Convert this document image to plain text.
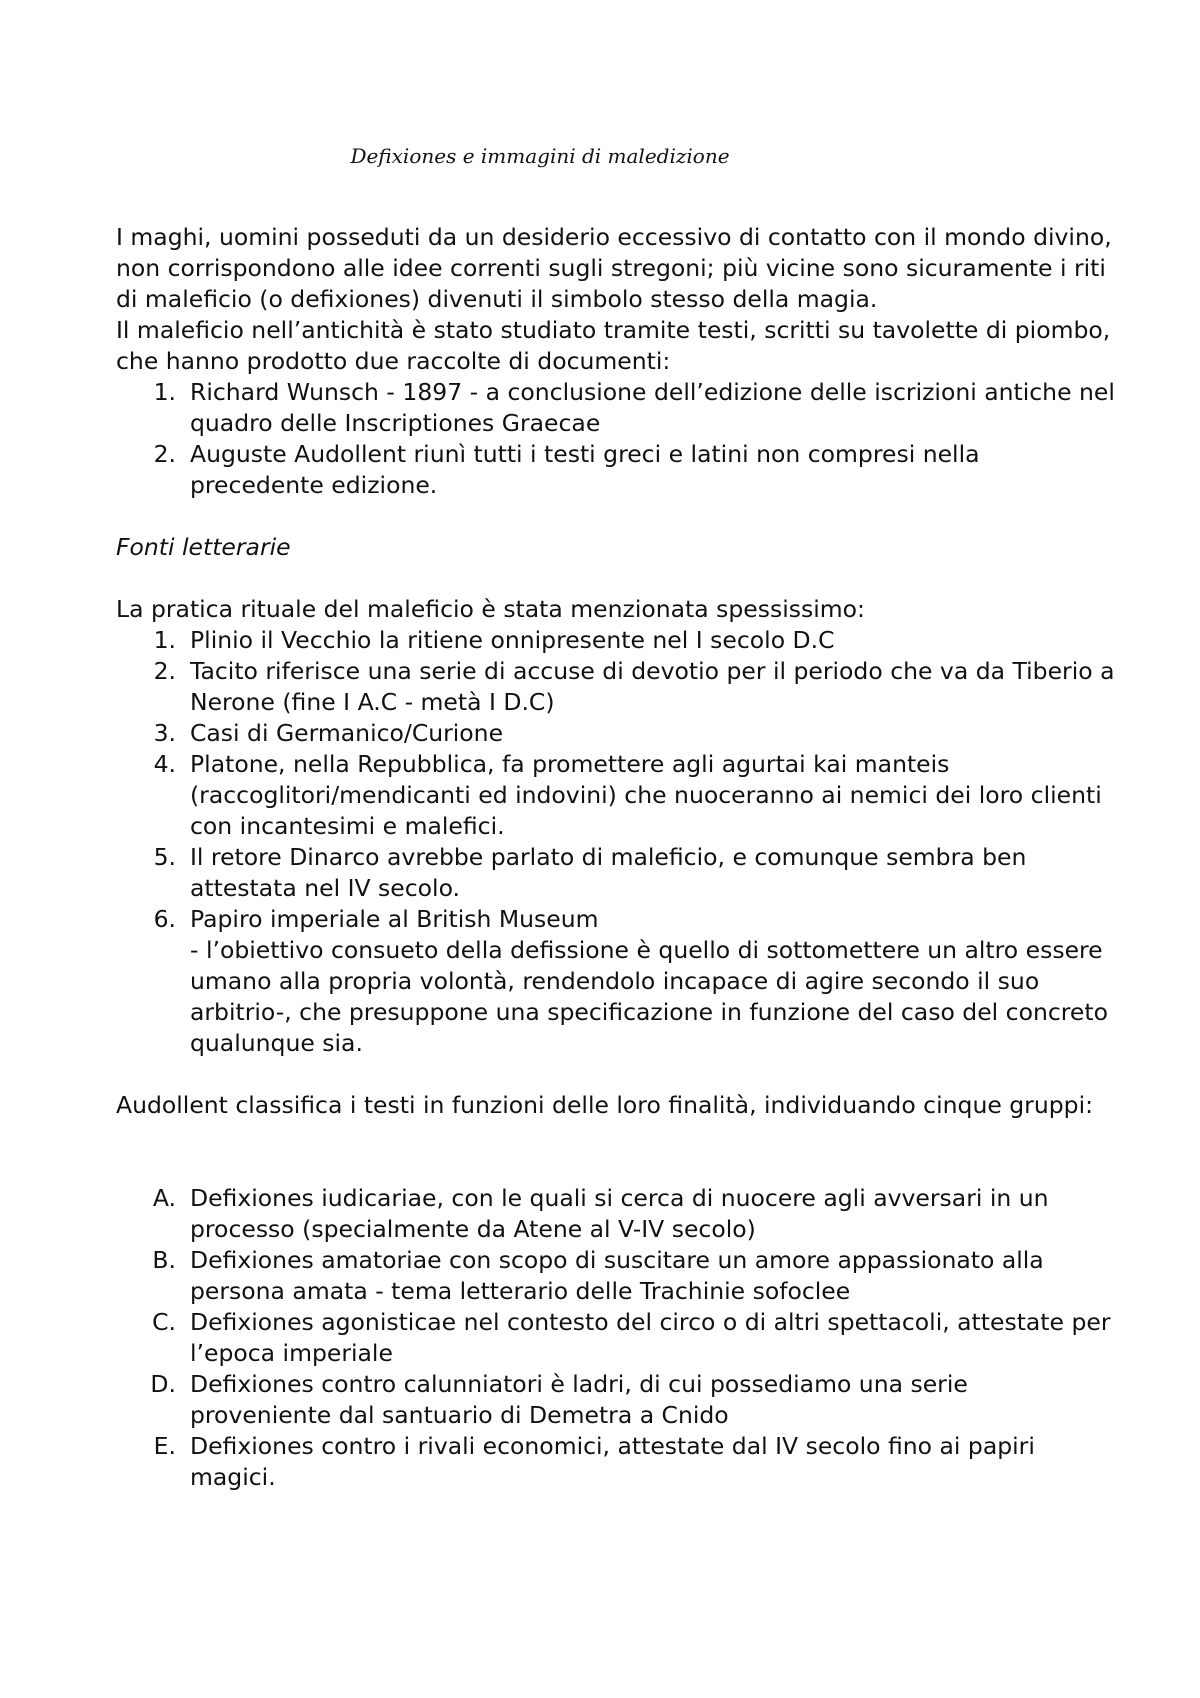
Defixiones e immagini di maledizione

I maghi, uomini posseduti da un desiderio eccessivo di contatto con il mondo divino, non corrispondono alle idee correnti sugli stregoni; più vicine sono sicuramente i riti di maleficio (o defixiones) divenuti il simbolo stesso della magia.

Il maleficio nell’antichità è stato studiato tramite testi, scritti su tavolette di piombo, che hanno prodotto due raccolte di documenti:

1. Richard Wunsch - 1897 - a conclusione dell’edizione delle iscrizioni antiche nel quadro delle Inscriptiones Graecae
2. Auguste Audollent riunì tutti i testi greci e latini non compresi nella precedente edizione.

Fonti letterarie

La pratica rituale del maleficio è stata menzionata spessissimo:

1. Plinio il Vecchio la ritiene onnipresente nel I secolo D.C
2. Tacito riferisce una serie di accuse di devotio per il periodo che va da Tiberio a Nerone (fine I A.C - metà I D.C)
3. Casi di Germanico/Curione
4. Platone, nella Repubblica, fa promettere agli agurtai kai manteis (raccoglitori/mendicanti ed indovini) che nuoceranno ai nemici dei loro clienti con incantesimi e malefici.
5. Il retore Dinarco avrebbe parlato di maleficio, e comunque sembra ben attestata nel IV secolo.
6. Papiro imperiale al British Museum
- l’obiettivo consueto della defissione è quello di sottomettere un altro essere umano alla propria volontà, rendendolo incapace di agire secondo il suo arbitrio-, che presuppone una specificazione in funzione del caso del concreto qualunque sia.

Audollent classifica i testi in funzioni delle loro finalità, individuando cinque gruppi:

A. Defixiones iudicariae, con le quali si cerca di nuocere agli avversari in un processo (specialmente da Atene al V-IV secolo)
B. Defixiones amatoriae con scopo di suscitare un amore appassionato alla persona amata - tema letterario delle Trachinie sofoclee
C. Defixiones agonisticae nel contesto del circo o di altri spettacoli, attestate per l’epoca imperiale
D. Defixiones contro calunniatori è ladri, di cui possediamo una serie proveniente dal santuario di Demetra a Cnido
E. Defixiones contro i rivali economici, attestate dal IV secolo fino ai papiri magici.
